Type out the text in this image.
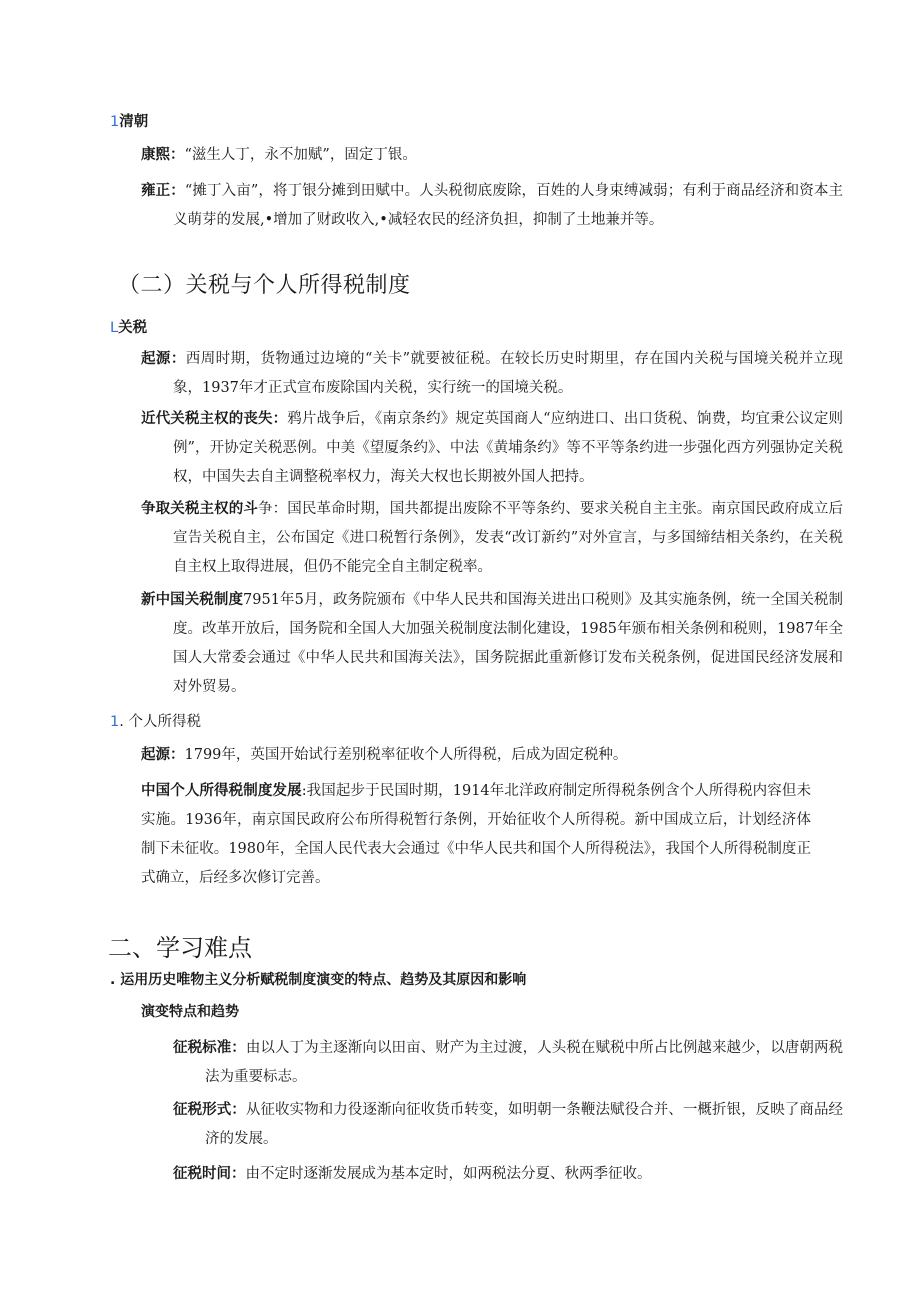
1清朝
康熙：“滋生人丁，永不加赋”，固定丁银。
雍正：“摊丁入亩”，将丁银分摊到田赋中。人头税彻底废除，百姓的人身束缚减弱；有利于商品经济和资本主义萌芽的发展,•增加了财政收入,•减轻农民的经济负担，抑制了土地兼并等。
（二）关税与个人所得税制度
L关税
起源：西周时期，货物通过边境的“关卡”就要被征税。在较长历史时期里，存在国内关税与国境关税并立现象，1937年才正式宣布废除国内关税，实行统一的国境关税。
近代关税主权的丧失：鸦片战争后，《南京条约》规定英国商人“应纳进口、出口货税、饷费，均宜秉公议定则例”，开协定关税恶例。中美《望厦条约》、中法《黄埔条约》等不平等条约进一步强化西方列强协定关税权，中国失去自主调整税率权力，海关大权也长期被外国人把持。
争取关税主权的斗争：国民革命时期，国共都提出废除不平等条约、要求关税自主主张。南京国民政府成立后宣告关税自主，公布国定《进口税暂行条例》，发表“改订新约”对外宣言，与多国缔结相关条约，在关税自主权上取得进展，但仍不能完全自主制定税率。
新中国关税制度7951年5月，政务院颁布《中华人民共和国海关进出口税则》及其实施条例，统一全国关税制度。改革开放后，国务院和全国人大加强关税制度法制化建设，1985年颁布相关条例和税则，1987年全国人大常委会通过《中华人民共和国海关法》，国务院据此重新修订发布关税条例，促进国民经济发展和对外贸易。
1. 个人所得税
起源：1799年，英国开始试行差别税率征收个人所得税，后成为固定税种。
中国个人所得税制度发展:我国起步于民国时期，1914年北洋政府制定所得税条例含个人所得税内容但未实施。1936年，南京国民政府公布所得税暂行条例，开始征收个人所得税。新中国成立后，计划经济体制下未征收。1980年，全国人民代表大会通过《中华人民共和国个人所得税法》，我国个人所得税制度正式确立，后经多次修订完善。
二、学习难点
. 运用历史唯物主义分析赋税制度演变的特点、趋势及其原因和影响
演变特点和趋势
征税标准：由以人丁为主逐渐向以田亩、财产为主过渡，人头税在赋税中所占比例越来越少，以唐朝两税法为重要标志。
征税形式：从征收实物和力役逐渐向征收货币转变，如明朝一条鞭法赋役合并、一概折银，反映了商品经济的发展。
征税时间：由不定时逐渐发展成为基本定时，如两税法分夏、秋两季征收。
